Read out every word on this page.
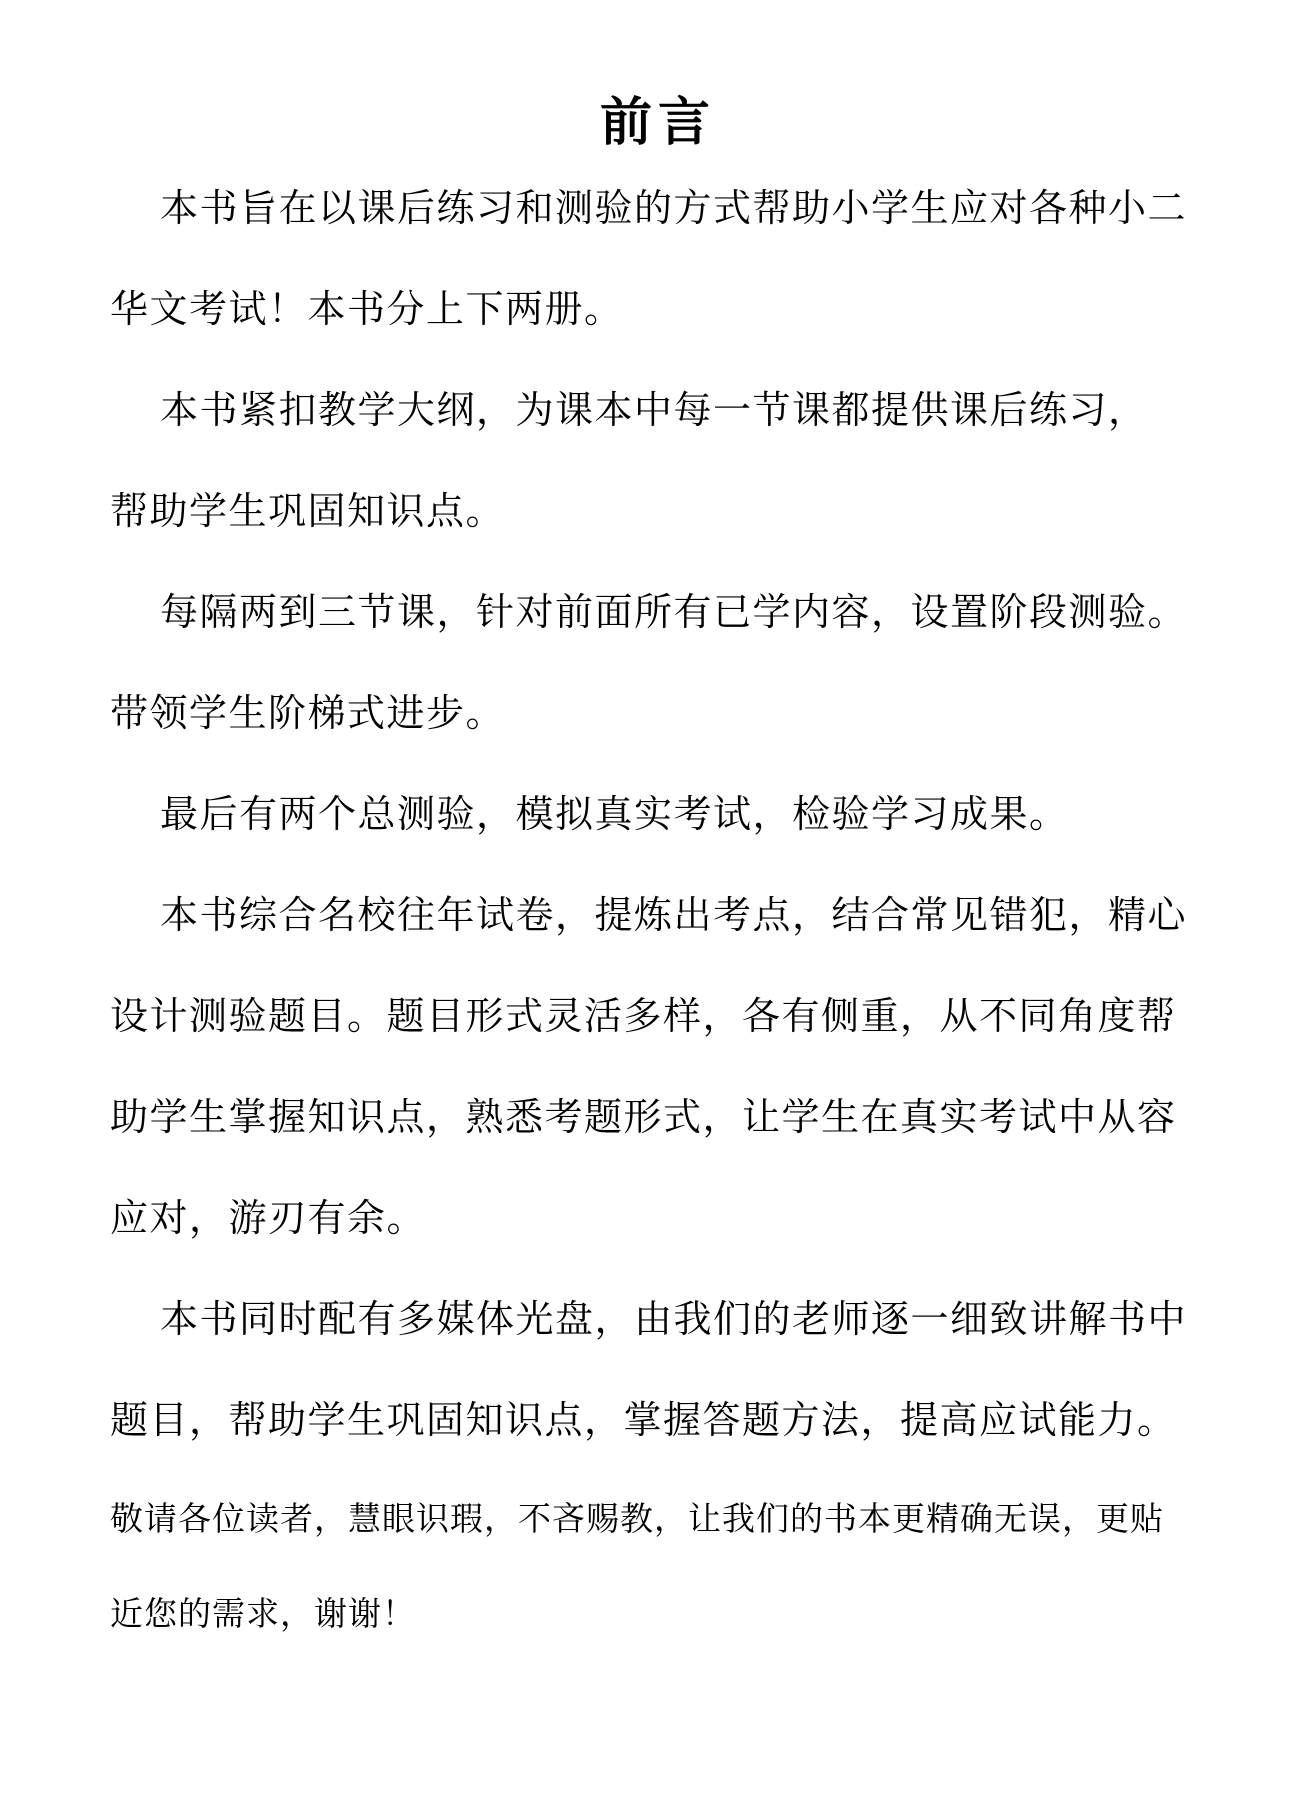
前言
本书旨在以课后练习和测验的方式帮助小学生应对各种小二
华文考试！本书分上下两册。
本书紧扣教学大纲，为课本中每一节课都提供课后练习，
帮助学生巩固知识点。
每隔两到三节课，针对前面所有已学内容，设置阶段测验。
带领学生阶梯式进步。
最后有两个总测验，模拟真实考试，检验学习成果。
本书综合名校往年试卷，提炼出考点，结合常见错犯，精心
设计测验题目。题目形式灵活多样，各有侧重，从不同角度帮
助学生掌握知识点，熟悉考题形式，让学生在真实考试中从容
应对，游刃有余。
本书同时配有多媒体光盘，由我们的老师逐一细致讲解书中
题目，帮助学生巩固知识点，掌握答题方法，提高应试能力。
敬请各位读者，慧眼识瑕，不吝赐教，让我们的书本更精确无误，更贴
近您的需求，谢谢！
